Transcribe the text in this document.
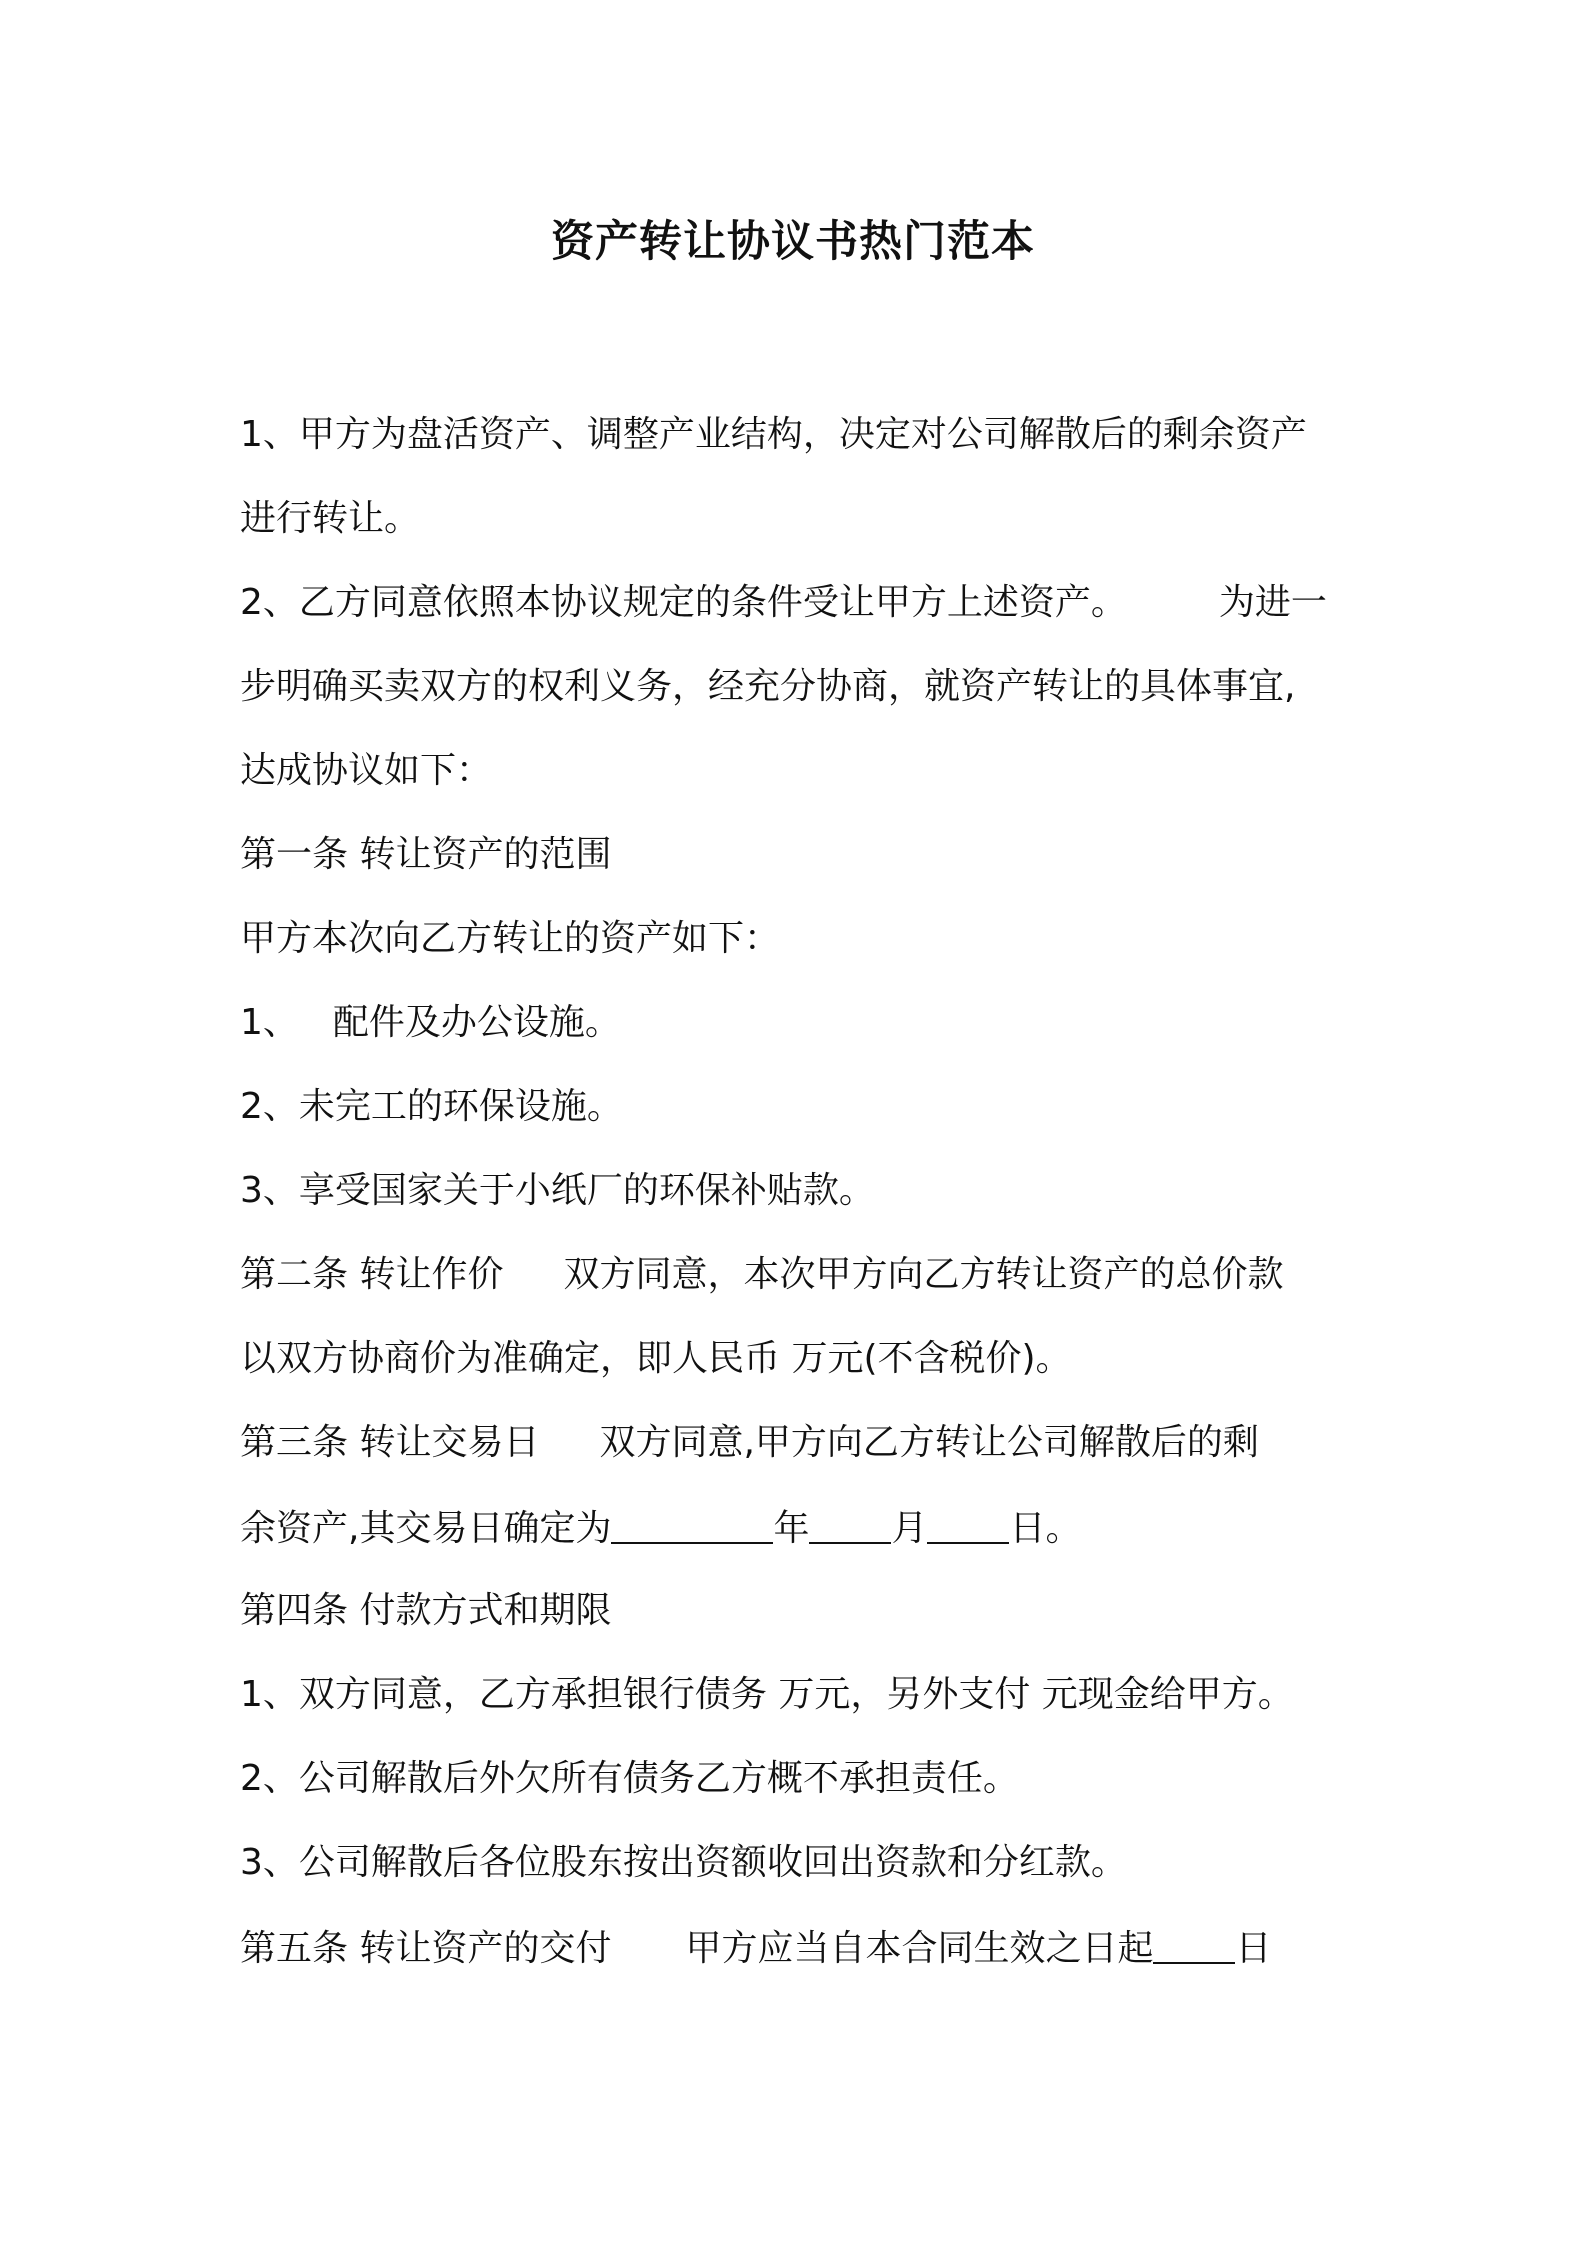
资产转让协议书热门范本
1、甲方为盘活资产、调整产业结构，决定对公司解散后的剩余资产
进行转让。
2、乙方同意依照本协议规定的条件受让甲方上述资产。	为进一
步明确买卖双方的权利义务，经充分协商，就资产转让的具体事宜,
达成协议如下：
第一条 转让资产的范围
甲方本次向乙方转让的资产如下：
1、 配件及办公设施。
2、未完工的环保设施。
3、享受国家关于小纸厂的环保补贴款。
第二条 转让作价 双方同意，本次甲方向乙方转让资产的总价款
以双方协商价为准确定，即人民币 万元(不含税价)。
第三条 转让交易日 双方同意,甲方向乙方转让公司解散后的剩
余资产,其交易日确定为	年 月 日。
第四条 付款方式和期限
1、双方同意，乙方承担银行债务 万元，另外支付 元现金给甲方。
2、公司解散后外欠所有债务乙方概不承担责任。
3、公司解散后各位股东按出资额收回出资款和分红款。
第五条 转让资产的交付 甲方应当自本合同生效之日起 日
